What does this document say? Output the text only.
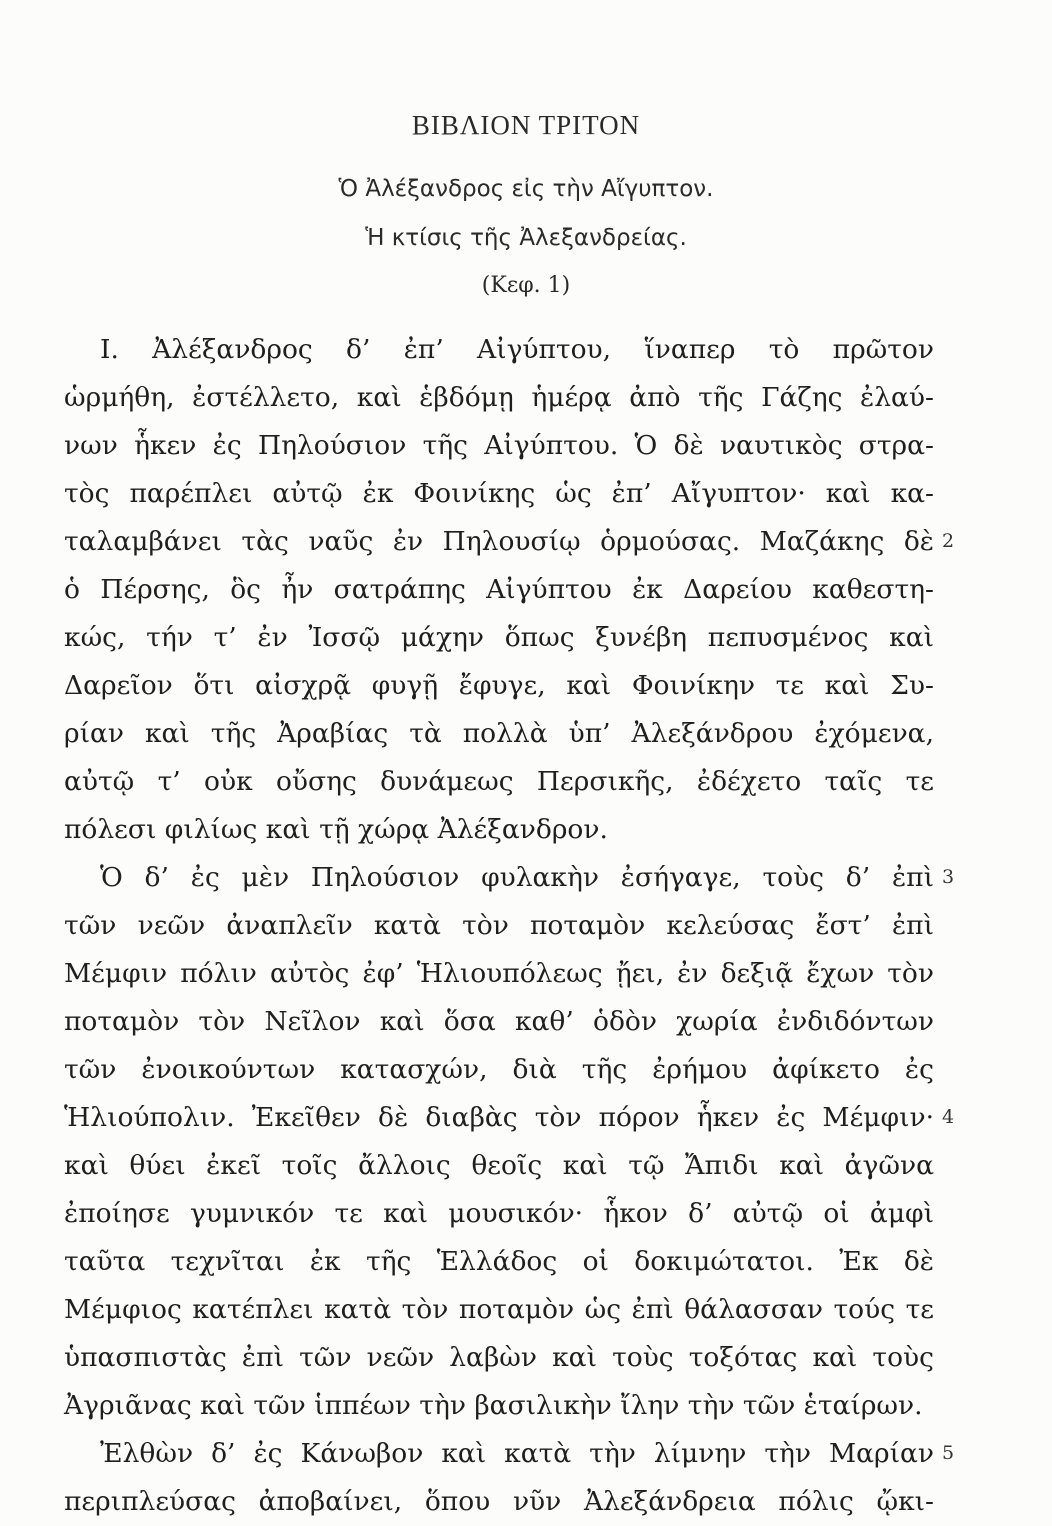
ΒΙΒΛΙΟΝ ΤΡΙΤΟΝ
Ὁ Ἀλέξανδρος εἰς τὴν Αἴγυπτον.
Ἡ κτίσις τῆς Ἀλεξανδρείας.
(Κεφ. 1)
I. Ἀλέξανδρος δ’ ἐπ’ Αἰγύπτου, ἵναπερ τὸ πρῶτον
ὡρμήθη, ἐστέλλετο, καὶ ἑβδόμῃ ἡμέρᾳ ἀπὸ τῆς Γάζης ἐλαύ-
νων ἧκεν ἐς Πηλούσιον τῆς Αἰγύπτου. Ὁ δὲ ναυτικὸς στρα-
τὸς παρέπλει αὐτῷ ἐκ Φοινίκης ὡς ἐπ’ Αἴγυπτον· καὶ κα-
ταλαμβάνει τὰς ναῦς ἐν Πηλουσίῳ ὁρμούσας. Μαζάκης δὲ
ὁ Πέρσης, ὃς ἦν σατράπης Αἰγύπτου ἐκ Δαρείου καθεστη-
κώς, τήν τ’ ἐν Ἰσσῷ μάχην ὅπως ξυνέβη πεπυσμένος καὶ
Δαρεῖον ὅτι αἰσχρᾷ φυγῇ ἔφυγε, καὶ Φοινίκην τε καὶ Συ-
ρίαν καὶ τῆς Ἀραβίας τὰ πολλὰ ὑπ’ Ἀλεξάνδρου ἐχόμενα,
αὐτῷ τ’ οὐκ οὔσης δυνάμεως Περσικῆς, ἐδέχετο ταῖς τε
πόλεσι φιλίως καὶ τῇ χώρᾳ Ἀλέξανδρον.
Ὁ δ’ ἐς μὲν Πηλούσιον φυλακὴν ἐσήγαγε, τοὺς δ’ ἐπὶ
τῶν νεῶν ἀναπλεῖν κατὰ τὸν ποταμὸν κελεύσας ἔστ’ ἐπὶ
Μέμφιν πόλιν αὐτὸς ἐφ’ Ἡλιουπόλεως ᾔει, ἐν δεξιᾷ ἔχων τὸν
ποταμὸν τὸν Νεῖλον καὶ ὅσα καθ’ ὁδὸν χωρία ἐνδιδόντων
τῶν ἐνοικούντων κατασχών, διὰ τῆς ἐρήμου ἀφίκετο ἐς
Ἡλιούπολιν. Ἐκεῖθεν δὲ διαβὰς τὸν πόρον ἧκεν ἐς Μέμφιν·
καὶ θύει ἐκεῖ τοῖς ἄλλοις θεοῖς καὶ τῷ Ἄπιδι καὶ ἀγῶνα
ἐποίησε γυμνικόν τε καὶ μουσικόν· ἧκον δ’ αὐτῷ οἱ ἀμφὶ
ταῦτα τεχνῖται ἐκ τῆς Ἑλλάδος οἱ δοκιμώτατοι. Ἐκ δὲ
Μέμφιος κατέπλει κατὰ τὸν ποταμὸν ὡς ἐπὶ θάλασσαν τούς τε
ὑπασπιστὰς ἐπὶ τῶν νεῶν λαβὼν καὶ τοὺς τοξότας καὶ τοὺς
Ἀγριᾶνας καὶ τῶν ἱππέων τὴν βασιλικὴν ἴλην τὴν τῶν ἑταίρων.
Ἐλθὼν δ’ ἐς Κάνωβον καὶ κατὰ τὴν λίμνην τὴν Μαρίαν
περιπλεύσας ἀποβαίνει, ὅπου νῦν Ἀλεξάνδρεια πόλις ᾤκι-
2
3
4
5
